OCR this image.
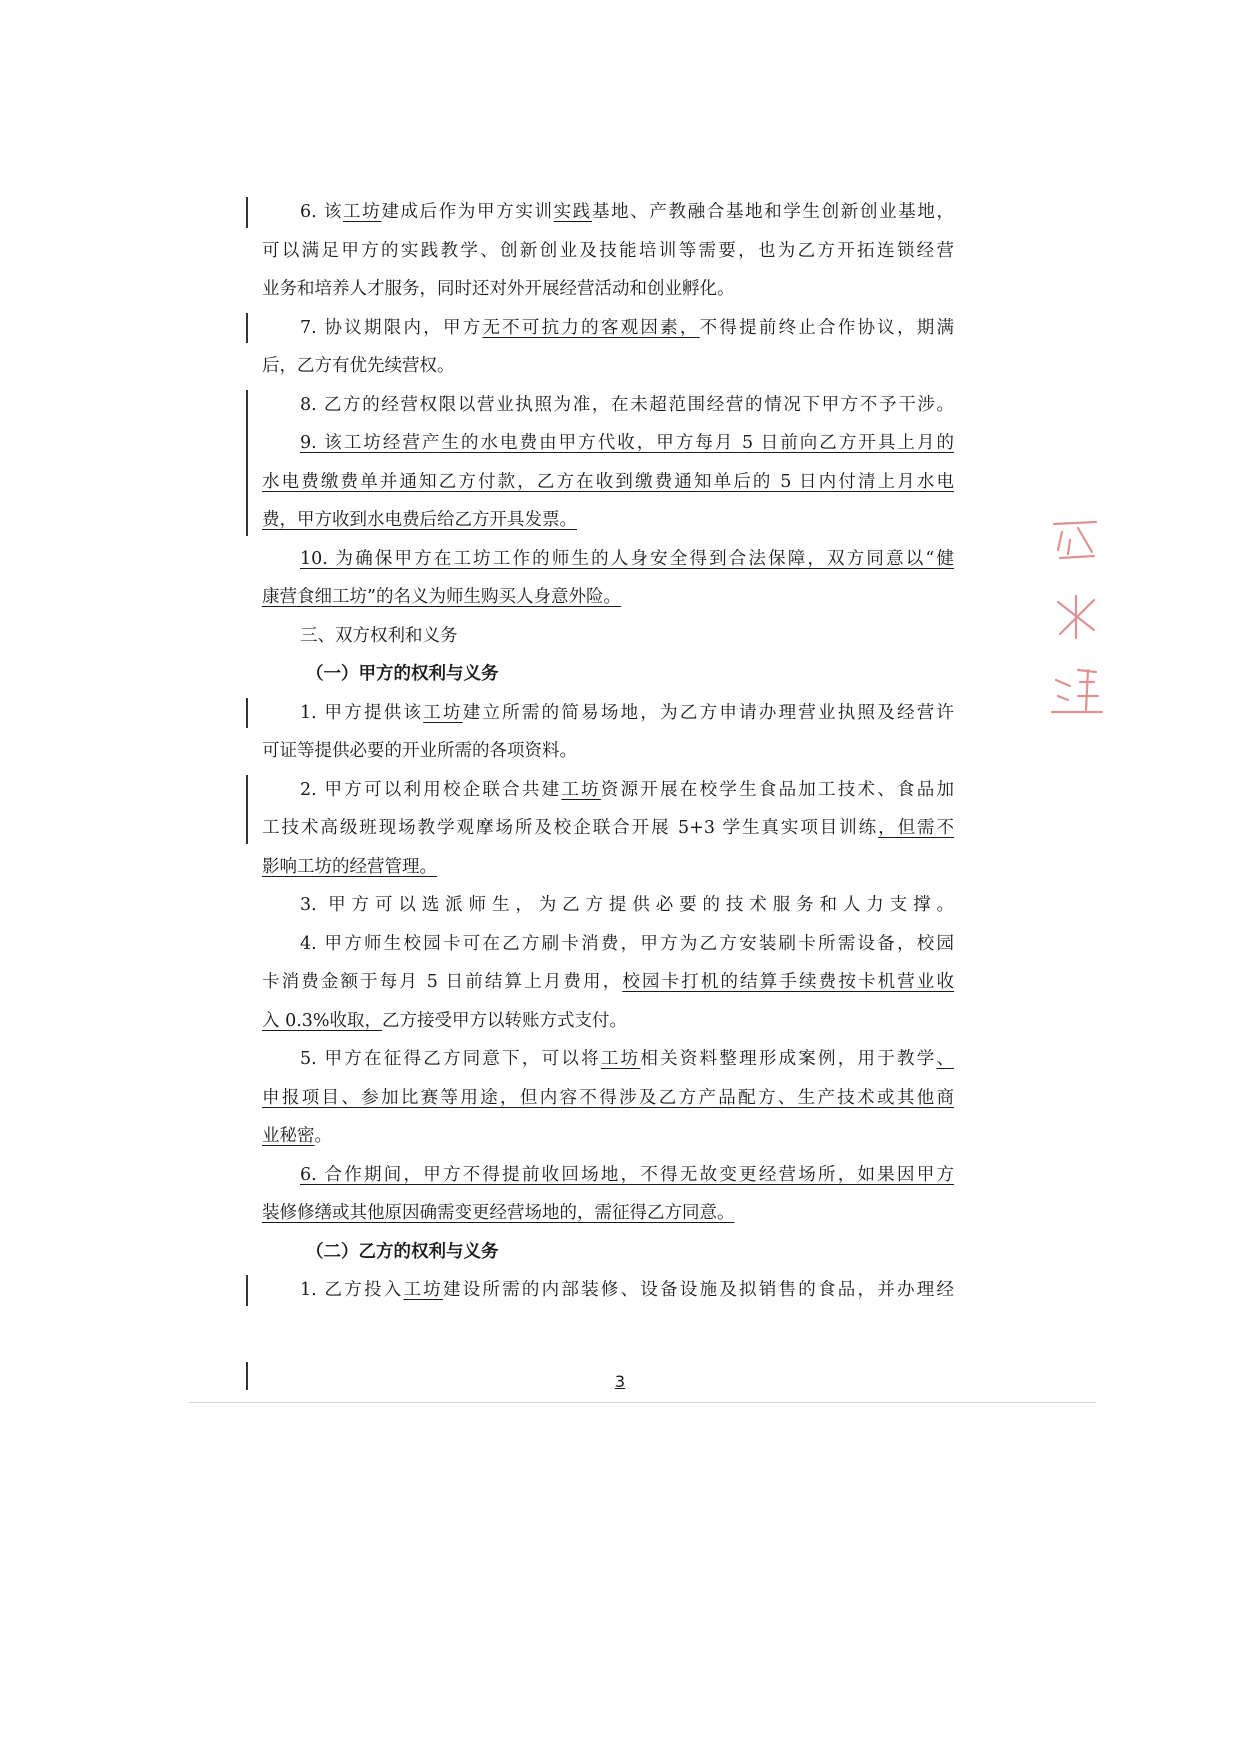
6. 该工坊建成后作为甲方实训实践基地、产教融合基地和学生创新创业基地，
可以满足甲方的实践教学、创新创业及技能培训等需要，也为乙方开拓连锁经营
业务和培养人才服务，同时还对外开展经营活动和创业孵化。
7. 协议期限内，甲方无不可抗力的客观因素，不得提前终止合作协议，期满
后，乙方有优先续营权。
8. 乙方的经营权限以营业执照为准，在未超范围经营的情况下甲方不予干涉。
9. 该工坊经营产生的水电费由甲方代收，甲方每月 5 日前向乙方开具上月的
水电费缴费单并通知乙方付款，乙方在收到缴费通知单后的 5 日内付清上月水电
费，甲方收到水电费后给乙方开具发票。
10. 为确保甲方在工坊工作的师生的人身安全得到合法保障，双方同意以“健
康营食细工坊”的名义为师生购买人身意外险。
三、双方权利和义务
（一）甲方的权利与义务
1. 甲方提供该工坊建立所需的简易场地，为乙方申请办理营业执照及经营许
可证等提供必要的开业所需的各项资料。
2. 甲方可以利用校企联合共建工坊资源开展在校学生食品加工技术、食品加
工技术高级班现场教学观摩场所及校企联合开展 5+3 学生真实项目训练，但需不
影响工坊的经营管理。
3. 甲方可以选派师生，为乙方提供必要的技术服务和人力支撑。
4. 甲方师生校园卡可在乙方刷卡消费，甲方为乙方安装刷卡所需设备，校园
卡消费金额于每月 5 日前结算上月费用，校园卡打机的结算手续费按卡机营业收
入 0.3%收取，乙方接受甲方以转账方式支付。
5. 甲方在征得乙方同意下，可以将工坊相关资料整理形成案例，用于教学、
申报项目、参加比赛等用途，但内容不得涉及乙方产品配方、生产技术或其他商
业秘密。
6. 合作期间，甲方不得提前收回场地，不得无故变更经营场所，如果因甲方
装修修缮或其他原因确需变更经营场地的，需征得乙方同意。
（二）乙方的权利与义务
1. 乙方投入工坊建设所需的内部装修、设备设施及拟销售的食品，并办理经
3
